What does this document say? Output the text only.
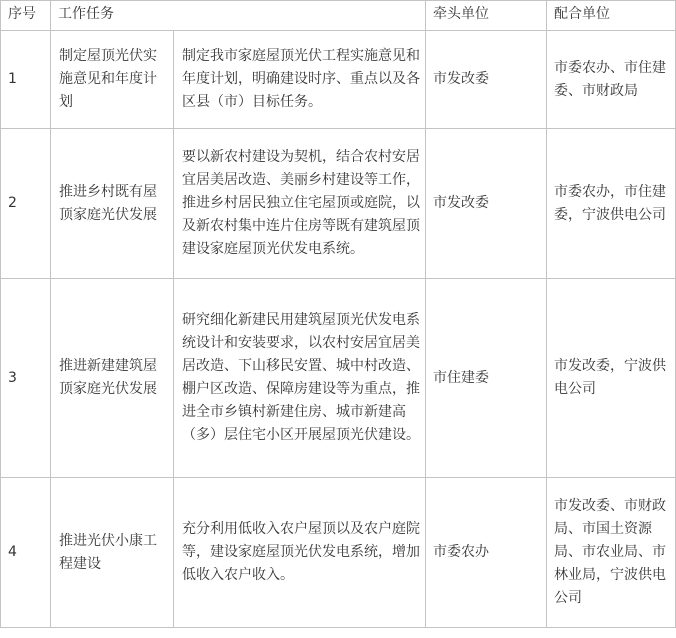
序号	工作任务		牵头单位	配合单位
1	制定屋顶光伏实施意见和年度计划	制定我市家庭屋顶光伏工程实施意见和年度计划，明确建设时序、重点以及各区县（市）目标任务。	市发改委	市委农办、市住建委、市财政局
2	推进乡村既有屋顶家庭光伏发展	要以新农村建设为契机，结合农村安居宜居美居改造、美丽乡村建设等工作，推进乡村居民独立住宅屋顶或庭院，以及新农村集中连片住房等既有建筑屋顶建设家庭屋顶光伏发电系统。	市发改委	市委农办，市住建委，宁波供电公司
3	推进新建建筑屋顶家庭光伏发展	研究细化新建民用建筑屋顶光伏发电系统设计和安装要求，以农村安居宜居美居改造、下山移民安置、城中村改造、棚户区改造、保障房建设等为重点，推进全市乡镇村新建住房、城市新建高（多）层住宅小区开展屋顶光伏建设。	市住建委	市发改委，宁波供电公司
4	推进光伏小康工程建设	充分利用低收入农户屋顶以及农户庭院等，建设家庭屋顶光伏发电系统，增加低收入农户收入。	市委农办	市发改委、市财政局、市国土资源局、市农业局、市林业局，宁波供电公司
